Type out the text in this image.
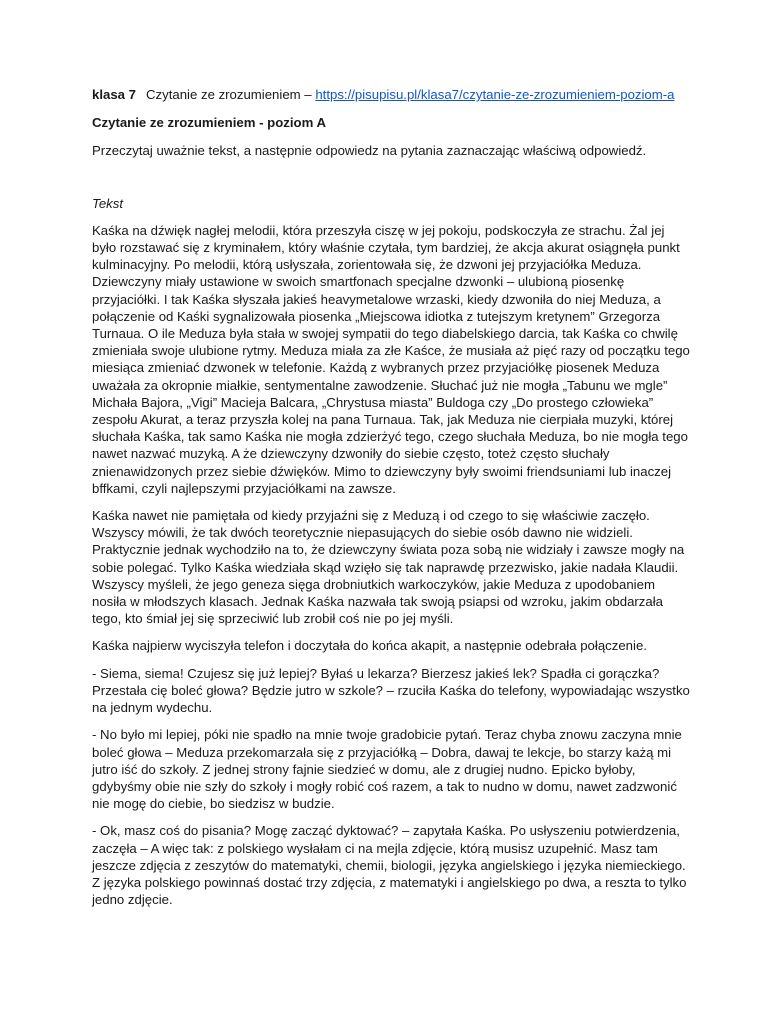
klasa 7 Czytanie ze zrozumieniem – https://pisupisu.pl/klasa7/czytanie-ze-zrozumieniem-poziom-a
Czytanie ze zrozumieniem - poziom A
Przeczytaj uważnie tekst, a następnie odpowiedz na pytania zaznaczając właściwą odpowiedź.
Tekst

Kaśka na dźwięk nagłej melodii, która przeszyła ciszę w jej pokoju, podskoczyła ze strachu. Żal jej było rozstawać się z kryminałem, który właśnie czytała, tym bardziej, że akcja akurat osiągnęła punkt kulminacyjny. Po melodii, którą usłyszała, zorientowała się, że dzwoni jej przyjaciółka Meduza. Dziewczyny miały ustawione w swoich smartfonach specjalne dzwonki – ulubioną piosenkę przyjaciółki. I tak Kaśka słyszała jakieś heavymetalowe wrzaski, kiedy dzwoniła do niej Meduza, a połączenie od Kaśki sygnalizowała piosenka „Miejscowa idiotka z tutejszym kretynem” Grzegorza Turnaua. O ile Meduza była stała w swojej sympatii do tego diabelskiego darcia, tak Kaśka co chwilę zmieniała swoje ulubione rytmy. Meduza miała za złe Kaśce, że musiała aż pięć razy od początku tego miesiąca zmieniać dzwonek w telefonie. Każdą z wybranych przez przyjaciółkę piosenek Meduza uważała za okropnie miałkie, sentymentalne zawodzenie. Słuchać już nie mogła „Tabunu we mgle” Michała Bajora, „Vigi” Macieja Balcara, „Chrystusa miasta” Buldoga czy „Do prostego człowieka” zespołu Akurat, a teraz przyszła kolej na pana Turnaua. Tak, jak Meduza nie cierpiała muzyki, której słuchała Kaśka, tak samo Kaśka nie mogła zdzierżyć tego, czego słuchała Meduza, bo nie mogła tego nawet nazwać muzyką. A że dziewczyny dzwoniły do siebie często, toteż często słuchały znienawidzonych przez siebie dźwięków. Mimo to dziewczyny były swoimi friendsuniami lub inaczej bffkami, czyli najlepszymi przyjaciółkami na zawsze.

Kaśka nawet nie pamiętała od kiedy przyjaźni się z Meduzą i od czego to się właściwie zaczęło. Wszyscy mówili, że tak dwóch teoretycznie niepasujących do siebie osób dawno nie widzieli. Praktycznie jednak wychodziło na to, że dziewczyny świata poza sobą nie widziały i zawsze mogły na sobie polegać. Tylko Kaśka wiedziała skąd wzięło się tak naprawdę przezwisko, jakie nadała Klaudii. Wszyscy myśleli, że jego geneza sięga drobniutkich warkoczyków, jakie Meduza z upodobaniem nosiła w młodszych klasach. Jednak Kaśka nazwała tak swoją psiapsi od wzroku, jakim obdarzała tego, kto śmiał jej się sprzeciwić lub zrobił coś nie po jej myśli.

Kaśka najpierw wyciszyła telefon i doczytała do końca akapit, a następnie odebrała połączenie.

- Siema, siema! Czujesz się już lepiej? Byłaś u lekarza? Bierzesz jakieś lek? Spadła ci gorączka? Przestała cię boleć głowa? Będzie jutro w szkole? – rzuciła Kaśka do telefony, wypowiadając wszystko na jednym wydechu.

- No było mi lepiej, póki nie spadło na mnie twoje gradobicie pytań. Teraz chyba znowu zaczyna mnie boleć głowa – Meduza przekomarzała się z przyjaciółką – Dobra, dawaj te lekcje, bo starzy każą mi jutro iść do szkoły. Z jednej strony fajnie siedzieć w domu, ale z drugiej nudno. Epicko byłoby, gdybyśmy obie nie szły do szkoły i mogły robić coś razem, a tak to nudno w domu, nawet zadzwonić nie mogę do ciebie, bo siedzisz w budzie.

- Ok, masz coś do pisania? Mogę zacząć dyktować? – zapytała Kaśka. Po usłyszeniu potwierdzenia, zaczęła – A więc tak: z polskiego wysłałam ci na mejla zdjęcie, którą musisz uzupełnić. Masz tam jeszcze zdjęcia z zeszytów do matematyki, chemii, biologii, języka angielskiego i języka niemieckiego. Z języka polskiego powinnaś dostać trzy zdjęcia, z matematyki i angielskiego po dwa, a reszta to tylko jedno zdjęcie.
